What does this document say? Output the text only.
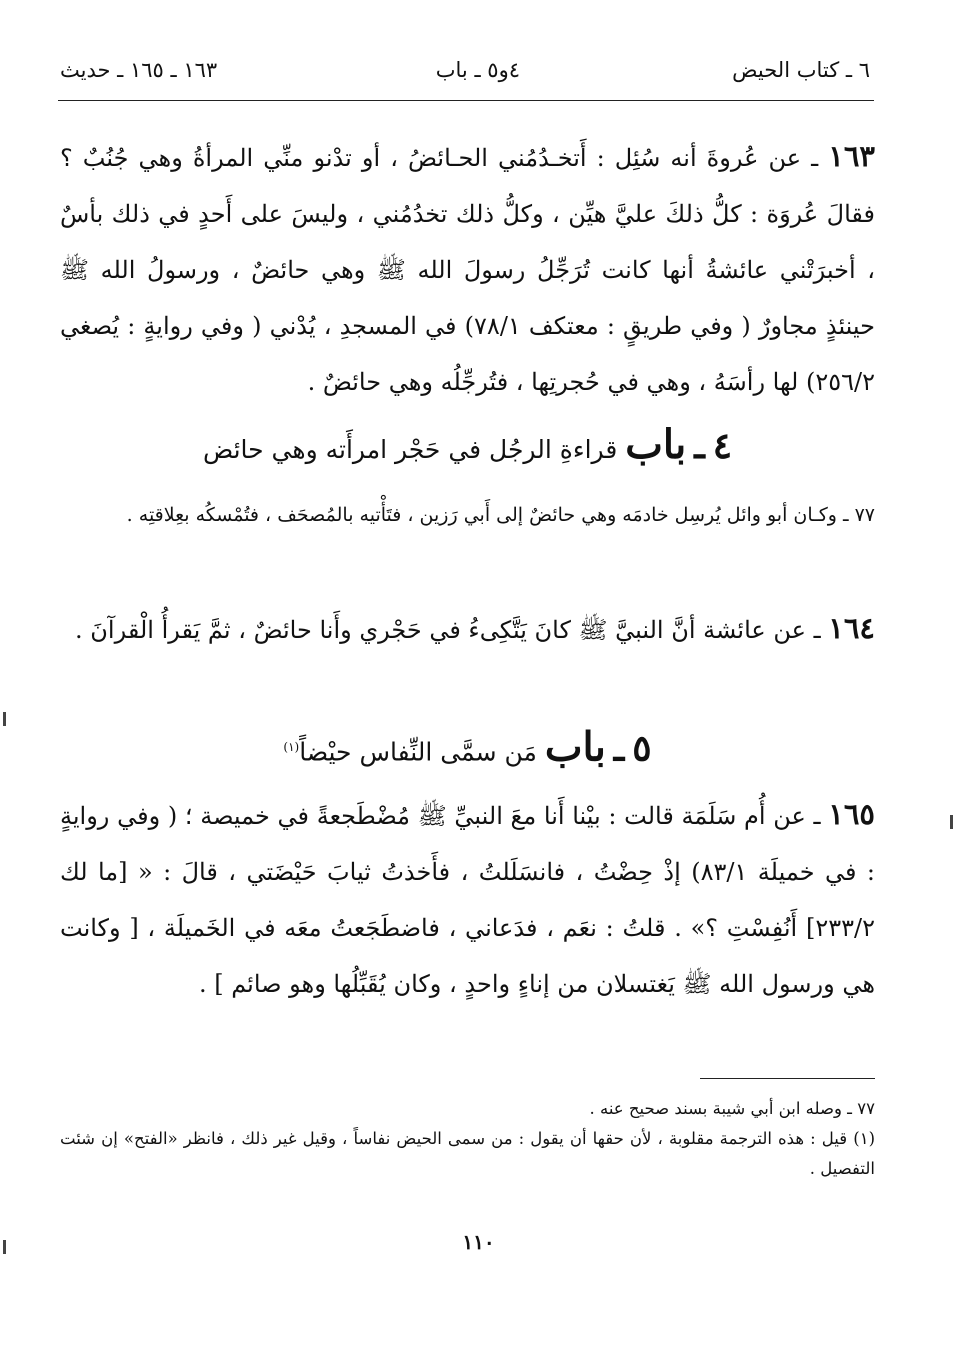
٦ ـ كتاب الحيض
٤و٥ ـ باب
١٦٣ ـ ١٦٥ ـ حديث
١٦٣ ـ عن عُروةَ أنه سُئِل : أَتخـدُمُني الحـائضُ ، أو تدْنو منِّي المرأةُ وهي جُنُبٌ ؟ فقالَ عُروَة : كلُّ ذلكَ عليَّ هيِّن ، وكلُّ ذلك تخدُمُني ، وليسَ على أَحدٍ في ذلك بأسٌ ، أخبرَتْني عائشةُ أنها كانت تُرَجِّلُ رسولَ الله ﷺ وهي حائضٌ ، ورسولُ الله ﷺ حينئذٍ مجاورٌ ( وفي طريقٍ : معتكف ٧٨/١) في المسجدِ ، يُدْني ( وفي روايةٍ : يُصغي ٢٥٦/٢) لها رأسَهُ ، وهي في حُجرتِها ، فتُرجِّلُه وهي حائضٌ .
٤ ـ باب قراءةِ الرجُل في حَجْر امرأَته وهي حائض
٧٧ ـ وكـان أبو وائل يُرسِل خادمَه وهي حائضٌ إلى أَبي رَزين ، فتَأْتيه بالمُصحَف ، فتُمْسكُه بعِلاقتِه .
١٦٤ ـ عن عائشة أنَّ النبيَّ ﷺ كانَ يَتَّكِىءُ في حَجْري وأَنا حائضٌ ، ثمَّ يَقرأُ الْقرآنَ .
٥ ـ باب مَن سمَّى النِّفاس حيْضاً$^{(١)}$
١٦٥ ـ عن أُم سَلَمَة قالت : بيْنا أَنا معَ النبيِّ ﷺ مُضْطَجعةً في خميصة ؛ ( وفي روايةٍ : في خميلَة ٨٣/١) إذْ حِضْتُ ، فانسَلَلتُ ، فأَخذتُ ثيابَ حَيْضَتي ، قالَ : « [ما لك ٢٣٣/٢] أَنُفِسْتِ ؟» . قلتُ : نعَم ، فدَعاني ، فاضطَجَعتُ معَه في الخَميلَة ، [ وكانت هي ورسول الله ﷺ يَغتسلان من إناءٍ واحدٍ ، وكان يُقَبِّلُها وهو صائم ] .
٧٧ ـ وصله ابن أبي شيبة بسند صحيح عنه .
(١) قيل : هذه الترجمة مقلوبة ، لأن حقها أن يقول : من سمى الحيض نفاساً ، وقيل غير ذلك ، فانظر «الفتح» إن شئت التفصيل .
١١٠
